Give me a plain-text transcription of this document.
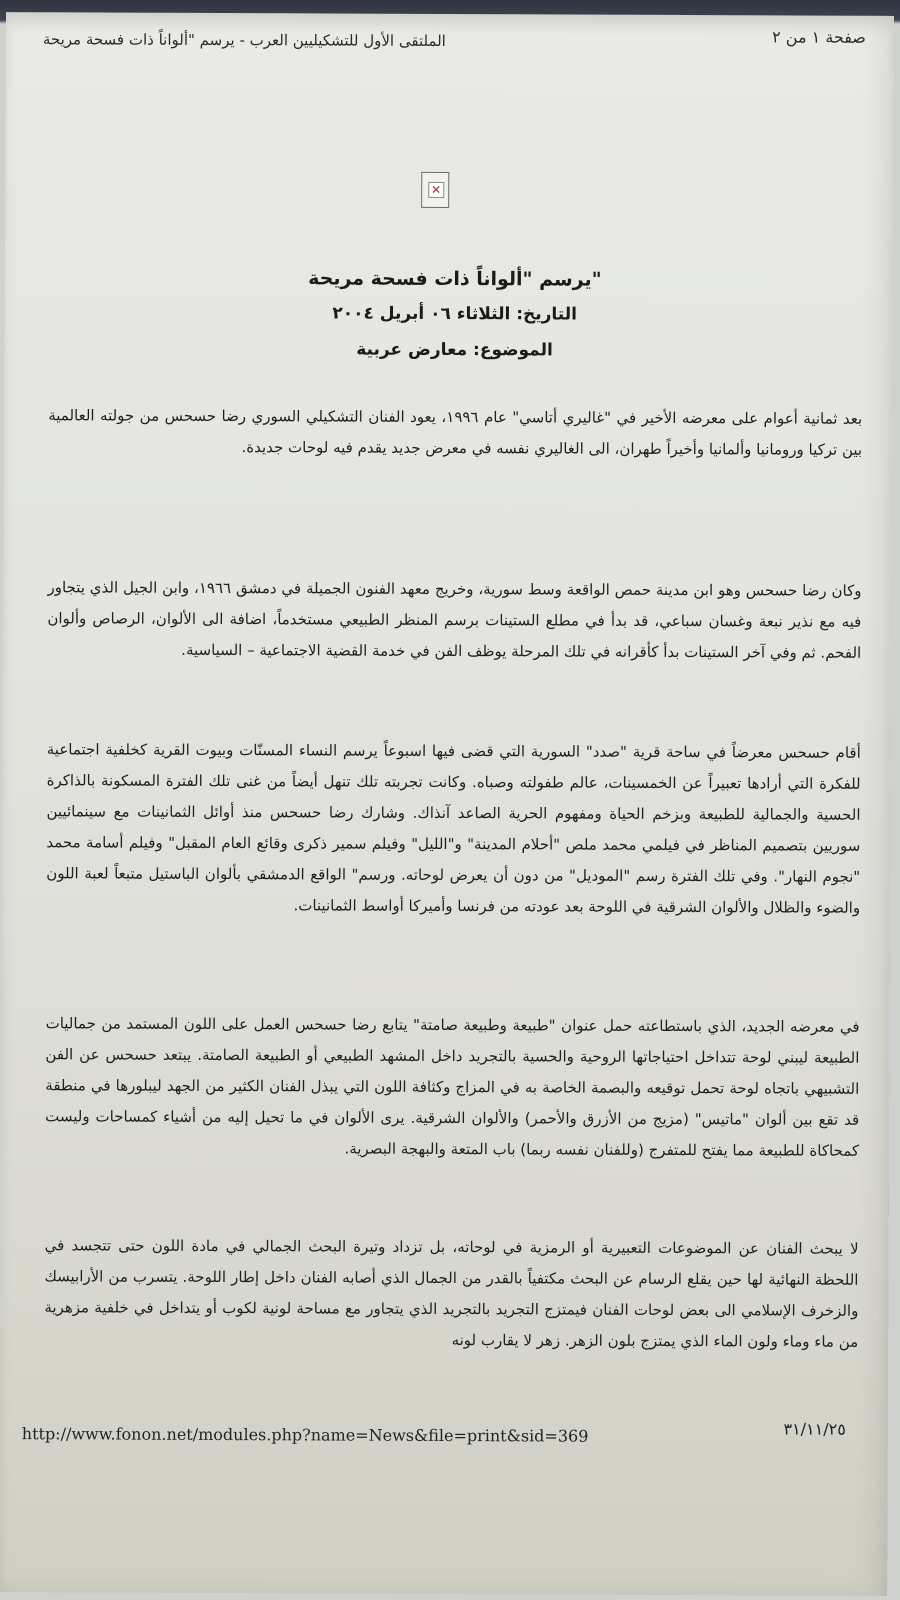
الملتقى الأول للتشكيليين العرب - يرسم "ألواناً ذات فسحة مريحة	صفحة ١ من ٢
✕
"يرسم "ألواناً ذات فسحة مريحة
التاريخ: الثلاثاء ٠٦ أبريل ٢٠٠٤
الموضوع: معارض عربية
بعد ثمانية أعوام على معرضه الأخير في "غاليري أتاسي" عام ١٩٩٦، يعود الفنان التشكيلي السوري رضا حسحس من جولته العالمية بين تركيا ورومانيا وألمانيا وأخيراً طهران، الى الغاليري نفسه في معرض جديد يقدم فيه لوحات جديدة.
وكان رضا حسحس وهو ابن مدينة حمص الواقعة وسط سورية، وخريج معهد الفنون الجميلة في دمشق ١٩٦٦، وابن الجيل الذي يتجاور فيه مع نذير نبعة وغسان سباعي، قد بدأ في مطلع الستينات برسم المنظر الطبيعي مستخدماً، اضافة الى الألوان، الرصاص وألوان الفحم. ثم وفي آخر الستينات بدأ كأقرانه في تلك المرحلة يوظف الفن في خدمة القضية الاجتماعية – السياسية.
أقام حسحس معرضاً في ساحة قرية "صدد" السورية التي قضى فيها اسبوعاً يرسم النساء المسنّات وبيوت القرية كخلفية اجتماعية للفكرة التي أرادها تعبيراً عن الخمسينات، عالم طفولته وصباه. وكانت تجربته تلك تنهل أيضاً من غنى تلك الفترة المسكونة بالذاكرة الحسية والجمالية للطبيعة وبزخم الحياة ومفهوم الحرية الصاعد آنذاك. وشارك رضا حسحس منذ أوائل الثمانينات مع سينمائيين سوريين بتصميم المناظر في فيلمي محمد ملص "أحلام المدينة" و"الليل" وفيلم سمير ذكرى وقائع العام المقبل" وفيلم أسامة محمد "نجوم النهار". وفي تلك الفترة رسم "الموديل" من دون أن يعرض لوحاته. ورسم" الواقع الدمشقي بألوان الباستيل متبعاً لعبة اللون والضوء والظلال والألوان الشرقية في اللوحة بعد عودته من فرنسا وأميركا أواسط الثمانينات.
في معرضه الجديد، الذي باستطاعته حمل عنوان "طبيعة وطبيعة صامتة" يتابع رضا حسحس العمل على اللون المستمد من جماليات الطبيعة ليبني لوحة تتداخل احتياجاتها الروحية والحسية بالتجريد داخل المشهد الطبيعي أو الطبيعة الصامتة. يبتعد حسحس عن الفن التشبيهي باتجاه لوحة تحمل توقيعه والبصمة الخاصة به في المزاج وكثافة اللون التي يبذل الفنان الكثير من الجهد ليبلورها في منطقة قد تقع بين ألوان "ماتيس" (مزيج من الأزرق والأحمر) والألوان الشرقية. يرى الألوان في ما تحيل إليه من أشياء كمساحات وليست كمحاكاة للطبيعة مما يفتح للمتفرج (وللفنان نفسه ربما) باب المتعة والبهجة البصرية.
لا يبحث الفنان عن الموضوعات التعبيرية أو الرمزية في لوحاته، بل تزداد وتيرة البحث الجمالي في مادة اللون حتى تتجسد في اللحظة النهائية لها حين يقلع الرسام عن البحث مكتفياً بالقدر من الجمال الذي أصابه الفنان داخل إطار اللوحة. يتسرب من الأرابيسك والزخرف الإسلامي الى بعض لوحات الفنان فيمتزج التجريد بالتجريد الذي يتجاور مع مساحة لونية لكوب أو يتداخل في خلفية مزهرية من ماء وماء ولون الماء الذي يمتزج بلون الزهر. زهر لا يقارب لونه
http://www.fonon.net/modules.php?name=News&file=print&sid=369	٣١/١١/٢٥
